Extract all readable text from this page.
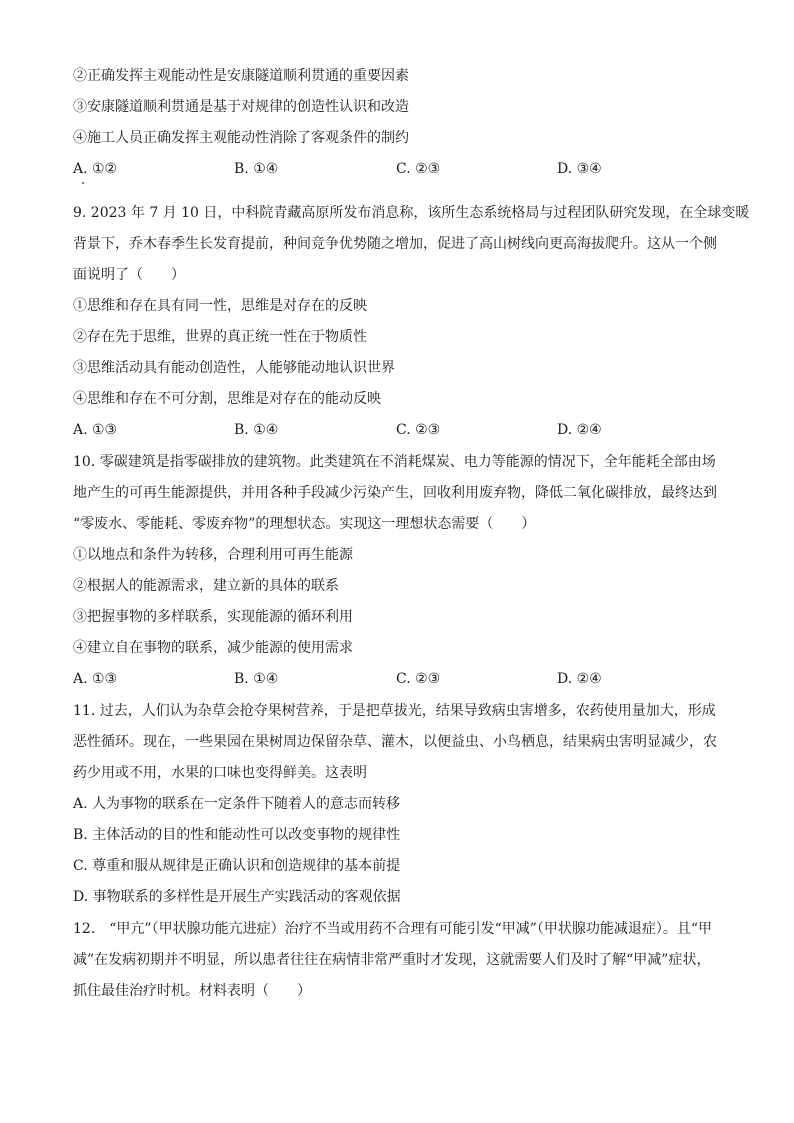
②正确发挥主观能动性是安康隧道顺利贯通的重要因素
③安康隧道顺利贯通是基于对规律的创造性认识和改造
④施工人员正确发挥主观能动性消除了客观条件的制约
A. ①②	B. ①④	C. ②③	D. ③④
9. 2023 年 7 月 10 日，中科院青藏高原所发布消息称，该所生态系统格局与过程团队研究发现，在全球变暖
背景下，乔木春季生长发育提前，种间竞争优势随之增加，促进了高山树线向更高海拔爬升。这从一个侧
面说明了（　　）
①思维和存在具有同一性，思维是对存在的反映
②存在先于思维，世界的真正统一性在于物质性
③思维活动具有能动创造性，人能够能动地认识世界
④思维和存在不可分割，思维是对存在的能动反映
A. ①③	B. ①④	C. ②③	D. ②④
10. 零碳建筑是指零碳排放的建筑物。此类建筑在不消耗煤炭、电力等能源的情况下，全年能耗全部由场
地产生的可再生能源提供，并用各种手段减少污染产生，回收利用废弃物，降低二氧化碳排放，最终达到
“零废水、零能耗、零废弃物”的理想状态。实现这一理想状态需要（　　）
①以地点和条件为转移，合理利用可再生能源
②根据人的能源需求，建立新的具体的联系
③把握事物的多样联系，实现能源的循环利用
④建立自在事物的联系，减少能源的使用需求
A. ①③	B. ①④	C. ②③	D. ②④
11. 过去，人们认为杂草会抢夺果树营养，于是把草拔光，结果导致病虫害增多，农药使用量加大，形成
恶性循环。现在，一些果园在果树周边保留杂草、灌木，以便益虫、小鸟栖息，结果病虫害明显减少，农
药少用或不用，水果的口味也变得鲜美。这表明
A. 人为事物的联系在一定条件下随着人的意志而转移
B. 主体活动的目的性和能动性可以改变事物的规律性
C. 尊重和服从规律是正确认识和创造规律的基本前提
D. 事物联系的多样性是开展生产实践活动的客观依据
12.　“甲亢”（甲状腺功能亢进症）治疗不当或用药不合理有可能引发“甲减”（甲状腺功能减退症）。且“甲
减”在发病初期并不明显，所以患者往往在病情非常严重时才发现，这就需要人们及时了解“甲减”症状，
抓住最佳治疗时机。材料表明（　　）
